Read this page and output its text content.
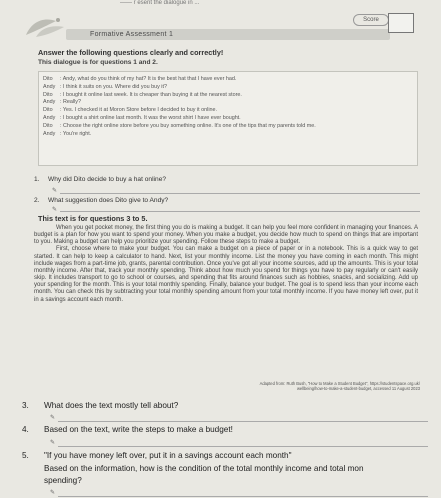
—— r esent the dialogue in ...
Formative Assessment 1
Score
Answer the following questions clearly and correctly!
This dialogue is for questions 1 and 2.
Dito : Andy, what do you think of my hat? It is the best hat that I have ever had.
Andy : I think it suits on you. Where did you buy it?
Dito : I bought it online last week. It is cheaper than buying it at the nearest store.
Andy : Really?
Dito : Yes. I checked it at Moron Store before I decided to buy it online.
Andy : I bought a shirt online last month. It was the worst shirt I have ever bought.
Dito : Choose the right online store before you buy something online. It's one of the tips that my parents told me.
Andy : You're right.
1. Why did Dito decide to buy a hat online?
✎
2. What suggestion does Dito give to Andy?
✎
This text is for questions 3 to 5.

When you get pocket money, the first thing you do is making a budget. It can help you feel more confident in managing your finances. A budget is a plan for how you want to spend your money. When you make a budget, you decide how much to spend on things that are important to you. Making a budget can help you prioritize your spending. Follow these steps to make a budget.

First, choose where to make your budget. You can make a budget on a piece of paper or in a notebook. This is a quick way to get started. It can help to keep a calculator to hand. Next, list your monthly income. List the money you have coming in each month. This might include wages from a part-time job, grants, parental contribution. Once you've got all your income sources, add up the amounts. This is your total monthly income. After that, track your monthly spending. Think about how much you spend for things you have to pay regularly or can't easily skip. It includes transport to go to school or courses, and spending that fits around finances such as hobbies, snacks, and socializing. Add up your spending for the month. This is your total monthly spending. Finally, balance your budget. The goal is to spend less than your income each month. You can check this by subtracting your total monthly spending amount from your total monthly income. If you have money left over, put it in a savings account each month.

Adapted from: Ruth Bush, "How to Make a Student Budget", https://studentspace.org.uk/
wellbeing/how-to-make-a-student-budget, accessed 11 August 2023
3. What does the text mostly tell about?
✎
4. Based on the text, write the steps to make a budget!
✎
5. "If you have money left over, put it in a savings account each month"
Based on the information, how is the condition of the total monthly income and total mon
spending?
✎
